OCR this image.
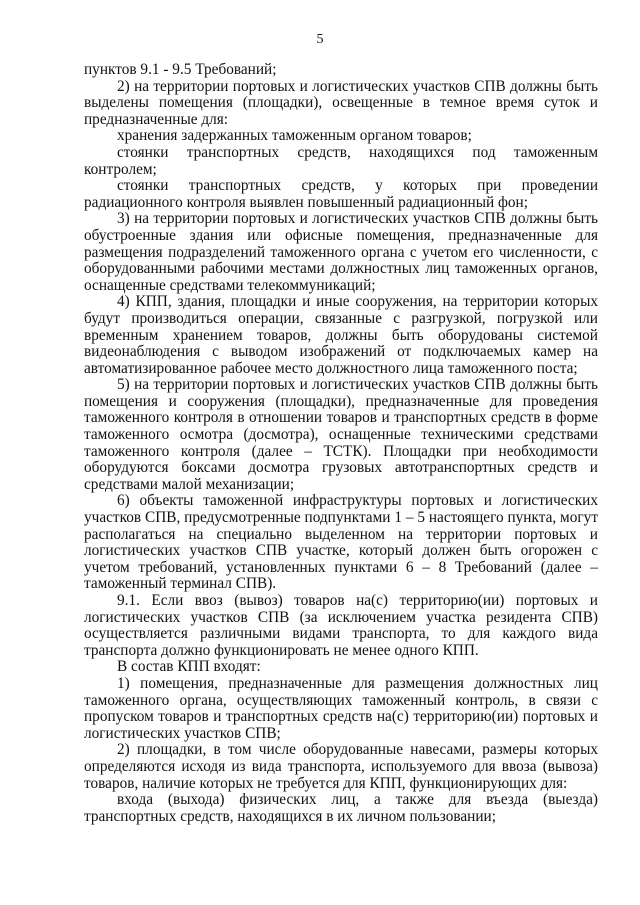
5

пунктов 9.1 - 9.5 Требований;

2) на территории портовых и логистических участков СПВ должны быть выделены помещения (площадки), освещенные в темное время суток и предназначенные для:

хранения задержанных таможенным органом товаров;

стоянки транспортных средств, находящихся под таможенным контролем;

стоянки транспортных средств, у которых при проведении радиационного контроля выявлен повышенный радиационный фон;

3) на территории портовых и логистических участков СПВ должны быть обустроенные здания или офисные помещения, предназначенные для размещения подразделений таможенного органа с учетом его численности, с оборудованными рабочими местами должностных лиц таможенных органов, оснащенные средствами телекоммуникаций;

4) КПП, здания, площадки и иные сооружения, на территории которых будут производиться операции, связанные с разгрузкой, погрузкой или временным хранением товаров, должны быть оборудованы системой видеонаблюдения с выводом изображений от подключаемых камер на автоматизированное рабочее место должностного лица таможенного поста;

5) на территории портовых и логистических участков СПВ должны быть помещения и сооружения (площадки), предназначенные для проведения таможенного контроля в отношении товаров и транспортных средств в форме таможенного осмотра (досмотра), оснащенные техническими средствами таможенного контроля (далее – ТСТК). Площадки при необходимости оборудуются боксами досмотра грузовых автотранспортных средств и средствами малой механизации;

6) объекты таможенной инфраструктуры портовых и логистических участков СПВ, предусмотренные подпунктами 1 – 5 настоящего пункта, могут располагаться на специально выделенном на территории портовых и логистических участков СПВ участке, который должен быть огорожен с учетом требований, установленных пунктами 6 – 8 Требований (далее – таможенный терминал СПВ).

9.1. Если ввоз (вывоз) товаров на(с) территорию(ии) портовых и логистических участков СПВ (за исключением участка резидента СПВ) осуществляется различными видами транспорта, то для каждого вида транспорта должно функционировать не менее одного КПП.

В состав КПП входят:

1) помещения, предназначенные для размещения должностных лиц таможенного органа, осуществляющих таможенный контроль, в связи с пропуском товаров и транспортных средств на(с) территорию(ии) портовых и логистических участков СПВ;

2) площадки, в том числе оборудованные навесами, размеры которых определяются исходя из вида транспорта, используемого для ввоза (вывоза) товаров, наличие которых не требуется для КПП, функционирующих для:

входа (выхода) физических лиц, а также для въезда (выезда) транспортных средств, находящихся в их личном пользовании;
